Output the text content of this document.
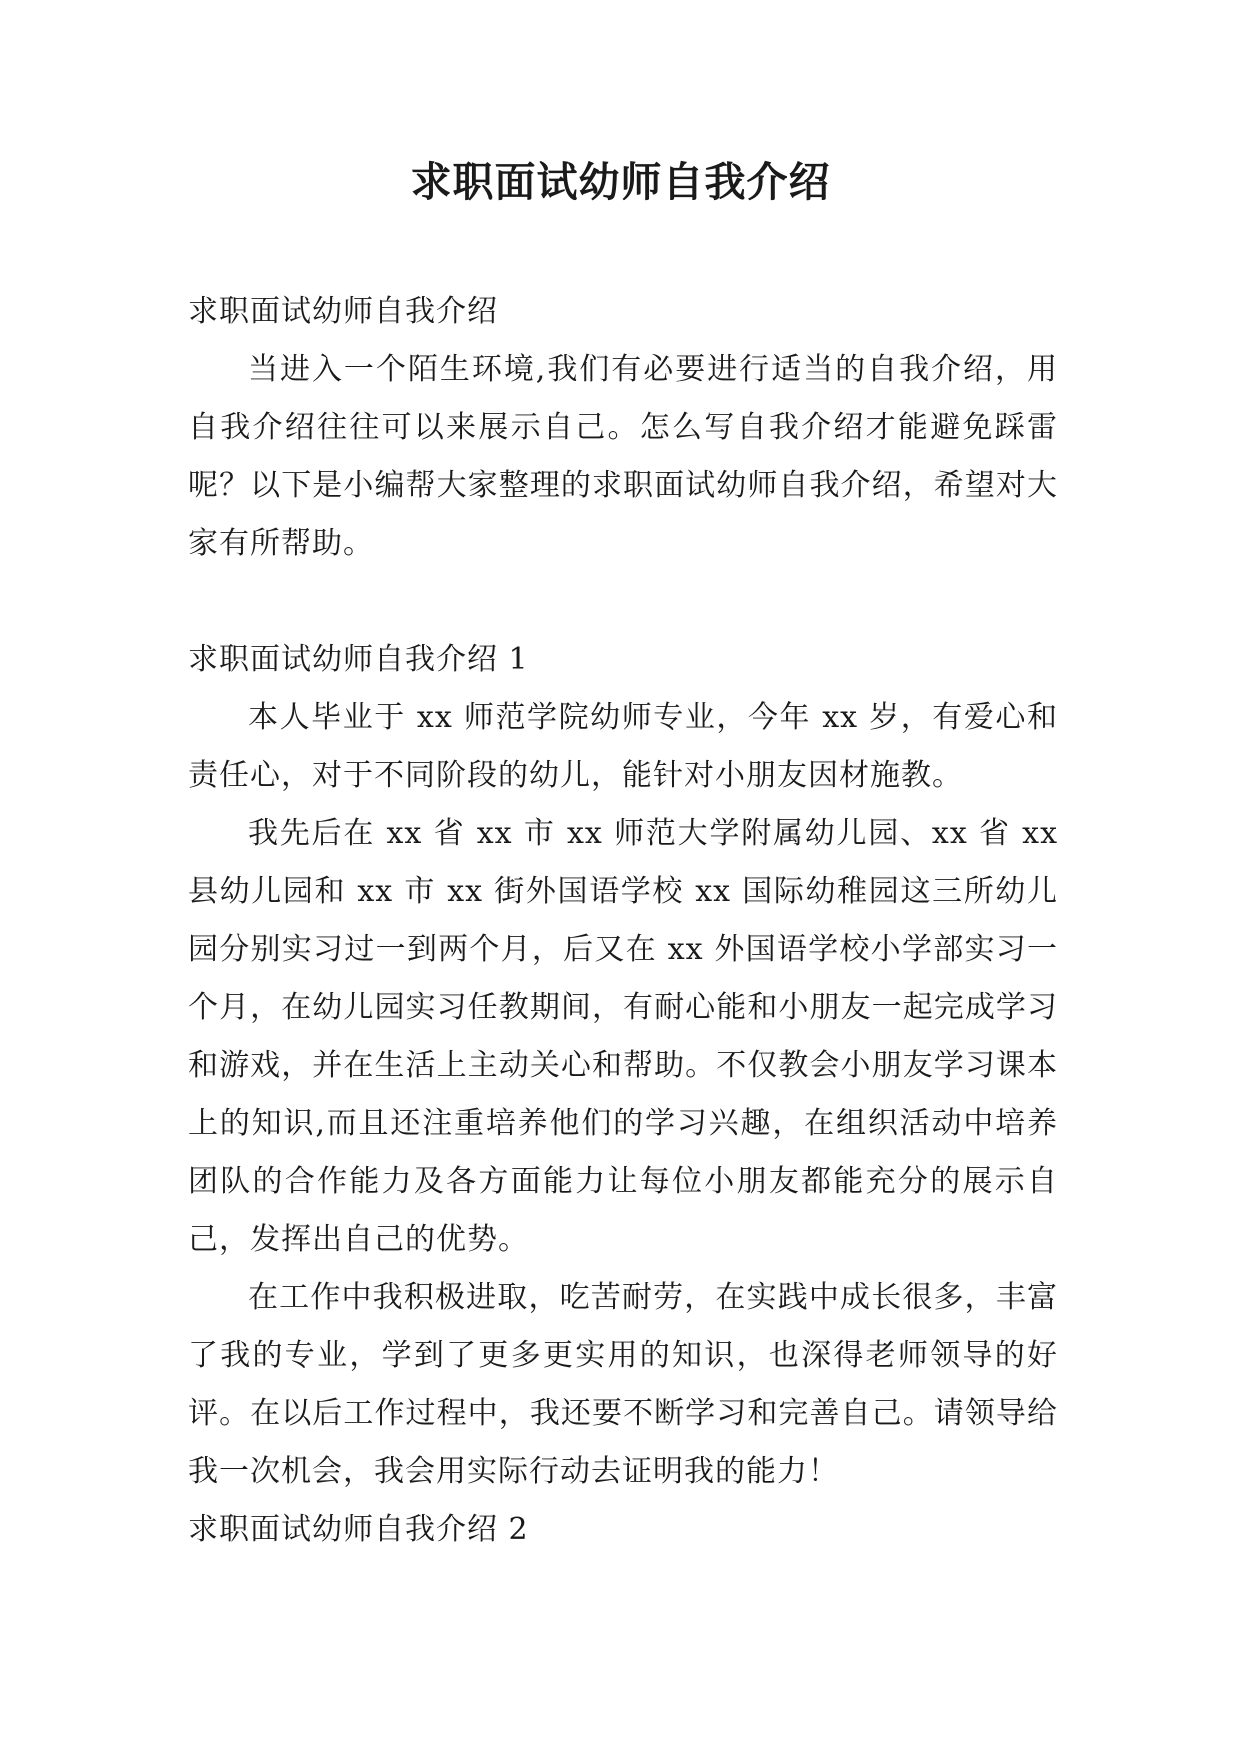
求职面试幼师自我介绍

求职面试幼师自我介绍

当进入一个陌生环境,我们有必要进行适当的自我介绍，用自我介绍往往可以来展示自己。怎么写自我介绍才能避免踩雷呢？以下是小编帮大家整理的求职面试幼师自我介绍，希望对大家有所帮助。

求职面试幼师自我介绍 1

本人毕业于 xx 师范学院幼师专业，今年 xx 岁，有爱心和责任心，对于不同阶段的幼儿，能针对小朋友因材施教。

我先后在 xx 省 xx 市 xx 师范大学附属幼儿园、xx 省 xx 县幼儿园和 xx 市 xx 街外国语学校 xx 国际幼稚园这三所幼儿园分别实习过一到两个月，后又在 xx 外国语学校小学部实习一个月，在幼儿园实习任教期间，有耐心能和小朋友一起完成学习和游戏，并在生活上主动关心和帮助。不仅教会小朋友学习课本上的知识,而且还注重培养他们的学习兴趣，在组织活动中培养团队的合作能力及各方面能力让每位小朋友都能充分的展示自己，发挥出自己的优势。

在工作中我积极进取，吃苦耐劳，在实践中成长很多，丰富了我的专业，学到了更多更实用的知识，也深得老师领导的好评。在以后工作过程中，我还要不断学习和完善自己。请领导给我一次机会，我会用实际行动去证明我的能力！

求职面试幼师自我介绍 2
